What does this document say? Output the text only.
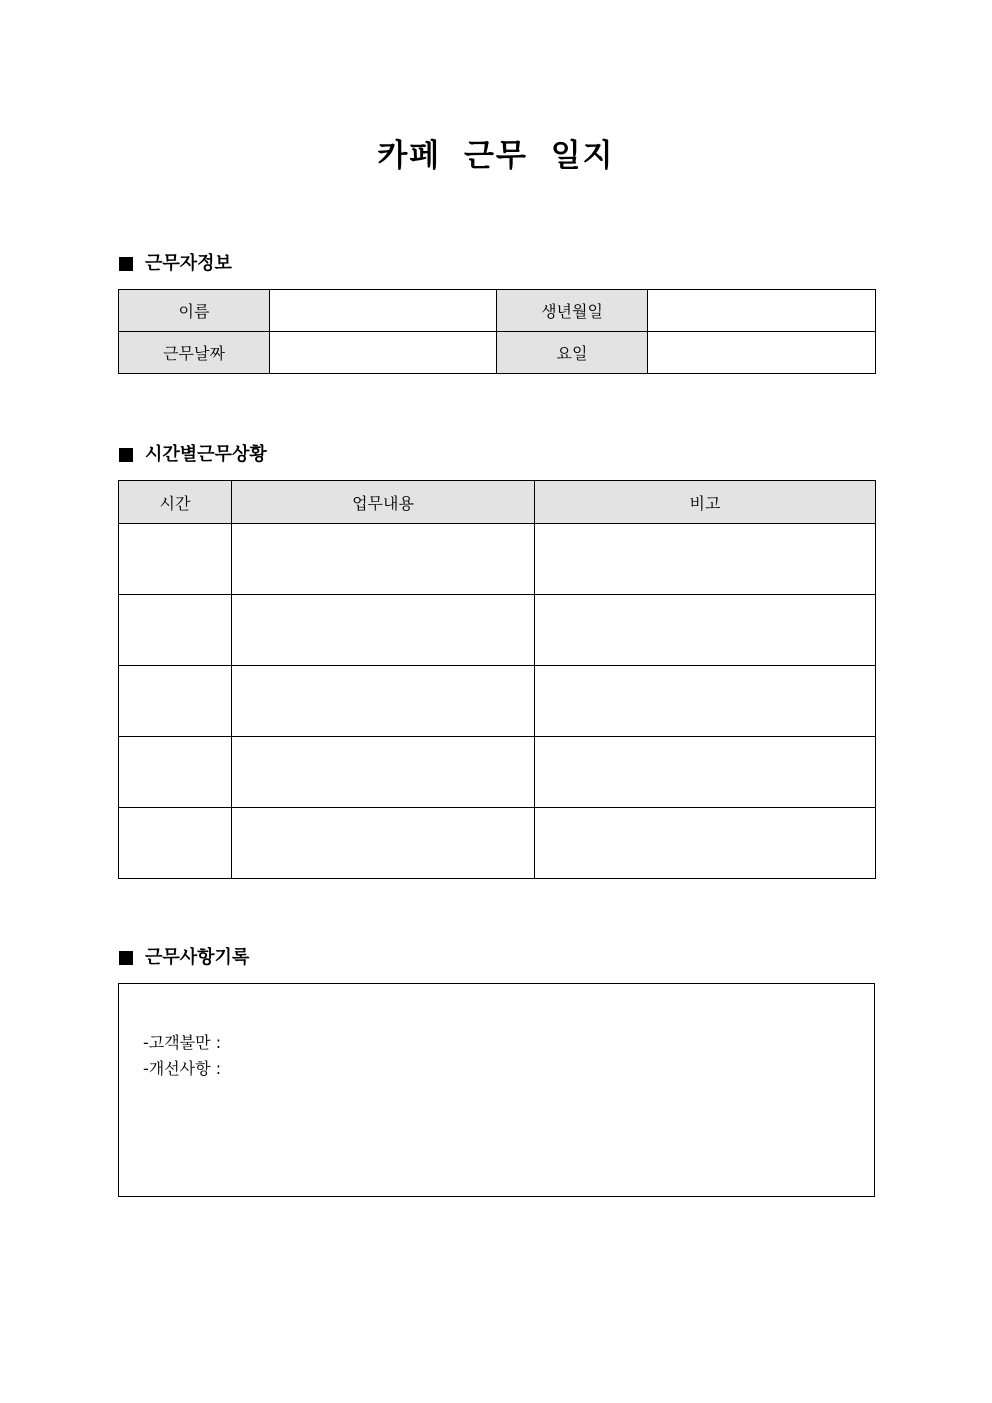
카페 근무 일지
근무자정보
이름		생년월일	
근무날짜		요일	
시간별근무상황
시간	업무내용	비고

근무사항기록
-고객불만 :
-개선사항 :
